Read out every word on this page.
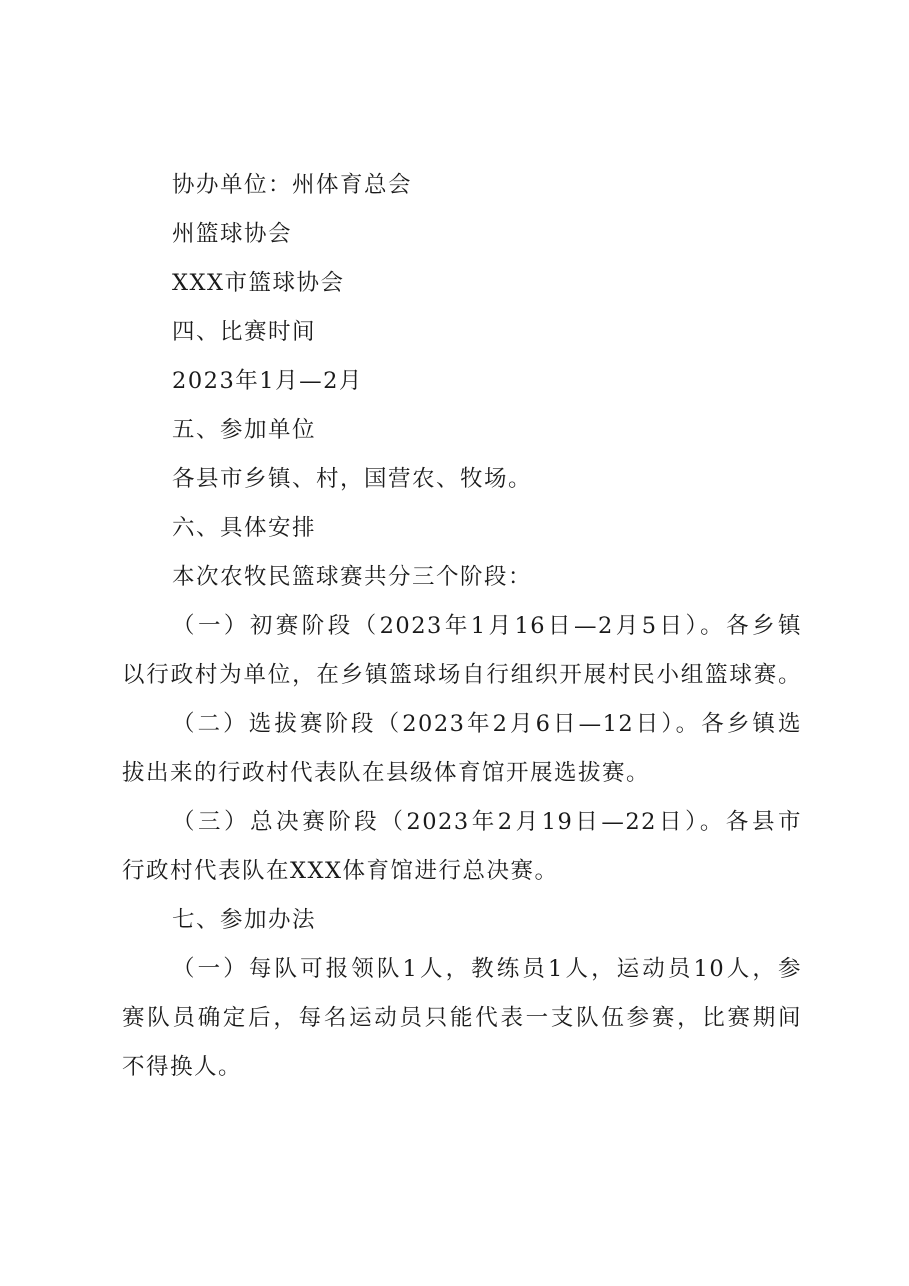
协办单位：州体育总会
州篮球协会
XXX市篮球协会
四、比赛时间
2023年1月—2月
五、参加单位
各县市乡镇、村，国营农、牧场。
六、具体安排
本次农牧民篮球赛共分三个阶段：
（一）初赛阶段（2023年1月16日—2月5日）。各乡镇
以行政村为单位，在乡镇篮球场自行组织开展村民小组篮球赛。
（二）选拔赛阶段（2023年2月6日—12日）。各乡镇选
拔出来的行政村代表队在县级体育馆开展选拔赛。
（三）总决赛阶段（2023年2月19日—22日）。各县市
行政村代表队在XXX体育馆进行总决赛。
七、参加办法
（一）每队可报领队1人，教练员1人，运动员10人，参
赛队员确定后，每名运动员只能代表一支队伍参赛，比赛期间
不得换人。
